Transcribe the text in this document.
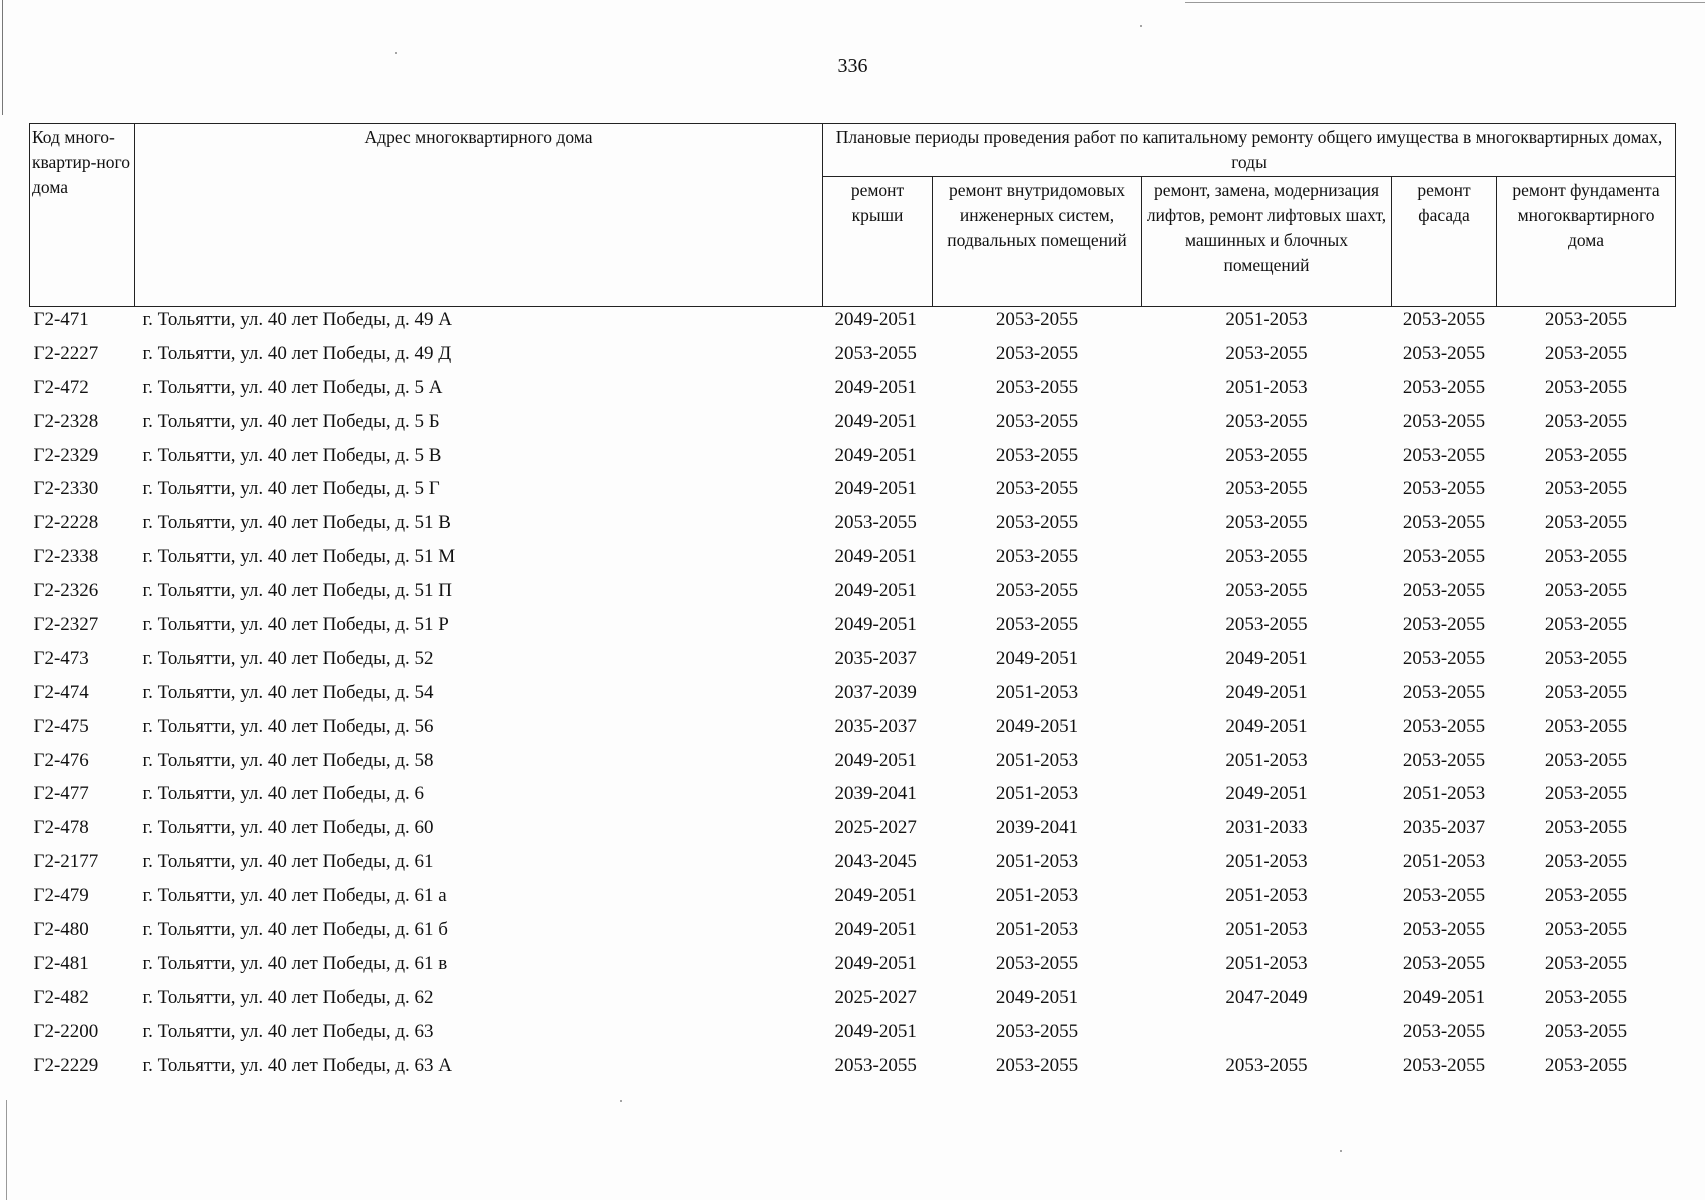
336
Код много-квартир-ного дома	Адрес многоквартирного дома	Плановые периоды проведения работ по капитальному ремонту общего имущества в многоквартирных домах, годы				
		ремонт крыши	ремонт внутридомовых инженерных систем, подвальных помещений	ремонт, замена, модернизация лифтов, ремонт лифтовых шахт, машинных и блочных помещений	ремонт фасада	ремонт фундамента многоквартирного дома
Г2-471	г. Тольятти, ул. 40 лет Победы, д. 49 А	2049-2051	2053-2055	2051-2053	2053-2055	2053-2055
Г2-2227	г. Тольятти, ул. 40 лет Победы, д. 49 Д	2053-2055	2053-2055	2053-2055	2053-2055	2053-2055
Г2-472	г. Тольятти, ул. 40 лет Победы, д. 5 А	2049-2051	2053-2055	2051-2053	2053-2055	2053-2055
Г2-2328	г. Тольятти, ул. 40 лет Победы, д. 5 Б	2049-2051	2053-2055	2053-2055	2053-2055	2053-2055
Г2-2329	г. Тольятти, ул. 40 лет Победы, д. 5 В	2049-2051	2053-2055	2053-2055	2053-2055	2053-2055
Г2-2330	г. Тольятти, ул. 40 лет Победы, д. 5 Г	2049-2051	2053-2055	2053-2055	2053-2055	2053-2055
Г2-2228	г. Тольятти, ул. 40 лет Победы, д. 51 В	2053-2055	2053-2055	2053-2055	2053-2055	2053-2055
Г2-2338	г. Тольятти, ул. 40 лет Победы, д. 51 М	2049-2051	2053-2055	2053-2055	2053-2055	2053-2055
Г2-2326	г. Тольятти, ул. 40 лет Победы, д. 51 П	2049-2051	2053-2055	2053-2055	2053-2055	2053-2055
Г2-2327	г. Тольятти, ул. 40 лет Победы, д. 51 Р	2049-2051	2053-2055	2053-2055	2053-2055	2053-2055
Г2-473	г. Тольятти, ул. 40 лет Победы, д. 52	2035-2037	2049-2051	2049-2051	2053-2055	2053-2055
Г2-474	г. Тольятти, ул. 40 лет Победы, д. 54	2037-2039	2051-2053	2049-2051	2053-2055	2053-2055
Г2-475	г. Тольятти, ул. 40 лет Победы, д. 56	2035-2037	2049-2051	2049-2051	2053-2055	2053-2055
Г2-476	г. Тольятти, ул. 40 лет Победы, д. 58	2049-2051	2051-2053	2051-2053	2053-2055	2053-2055
Г2-477	г. Тольятти, ул. 40 лет Победы, д. 6	2039-2041	2051-2053	2049-2051	2051-2053	2053-2055
Г2-478	г. Тольятти, ул. 40 лет Победы, д. 60	2025-2027	2039-2041	2031-2033	2035-2037	2053-2055
Г2-2177	г. Тольятти, ул. 40 лет Победы, д. 61	2043-2045	2051-2053	2051-2053	2051-2053	2053-2055
Г2-479	г. Тольятти, ул. 40 лет Победы, д. 61 а	2049-2051	2051-2053	2051-2053	2053-2055	2053-2055
Г2-480	г. Тольятти, ул. 40 лет Победы, д. 61 б	2049-2051	2051-2053	2051-2053	2053-2055	2053-2055
Г2-481	г. Тольятти, ул. 40 лет Победы, д. 61 в	2049-2051	2053-2055	2051-2053	2053-2055	2053-2055
Г2-482	г. Тольятти, ул. 40 лет Победы, д. 62	2025-2027	2049-2051	2047-2049	2049-2051	2053-2055
Г2-2200	г. Тольятти, ул. 40 лет Победы, д. 63	2049-2051	2053-2055		2053-2055	2053-2055
Г2-2229	г. Тольятти, ул. 40 лет Победы, д. 63 А	2053-2055	2053-2055	2053-2055	2053-2055	2053-2055
